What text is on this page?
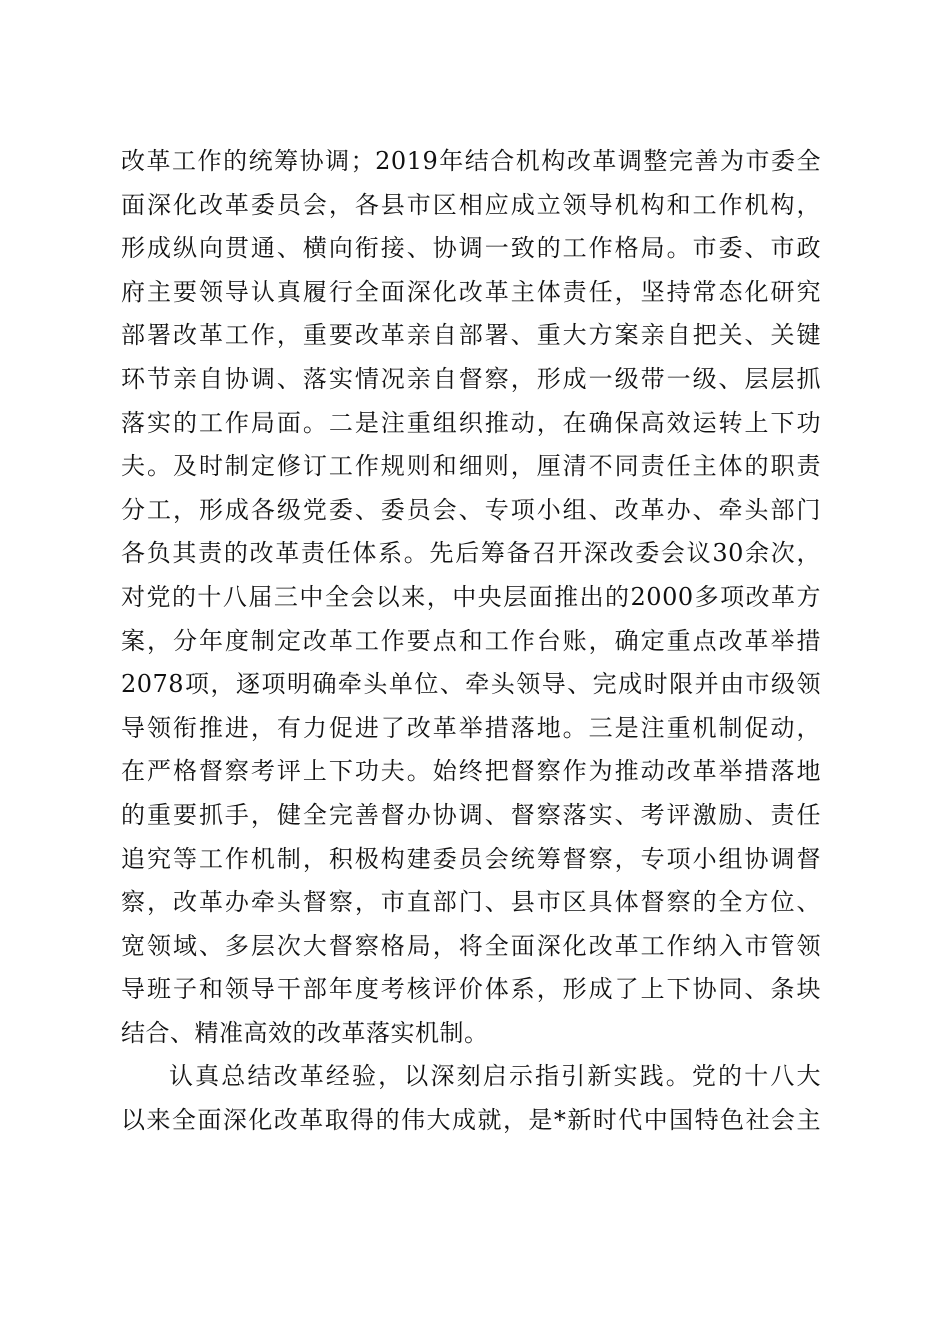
改革工作的统筹协调；2019年结合机构改革调整完善为市委全
面深化改革委员会，各县市区相应成立领导机构和工作机构，
形成纵向贯通、横向衔接、协调一致的工作格局。市委、市政
府主要领导认真履行全面深化改革主体责任，坚持常态化研究
部署改革工作，重要改革亲自部署、重大方案亲自把关、关键
环节亲自协调、落实情况亲自督察，形成一级带一级、层层抓
落实的工作局面。二是注重组织推动，在确保高效运转上下功
夫。及时制定修订工作规则和细则，厘清不同责任主体的职责
分工，形成各级党委、委员会、专项小组、改革办、牵头部门
各负其责的改革责任体系。先后筹备召开深改委会议30余次，
对党的十八届三中全会以来，中央层面推出的2000多项改革方
案，分年度制定改革工作要点和工作台账，确定重点改革举措
2078项，逐项明确牵头单位、牵头领导、完成时限并由市级领
导领衔推进，有力促进了改革举措落地。三是注重机制促动，
在严格督察考评上下功夫。始终把督察作为推动改革举措落地
的重要抓手，健全完善督办协调、督察落实、考评激励、责任
追究等工作机制，积极构建委员会统筹督察，专项小组协调督
察，改革办牵头督察，市直部门、县市区具体督察的全方位、
宽领域、多层次大督察格局，将全面深化改革工作纳入市管领
导班子和领导干部年度考核评价体系，形成了上下协同、条块
结合、精准高效的改革落实机制。
认真总结改革经验，以深刻启示指引新实践。党的十八大
以来全面深化改革取得的伟大成就，是*新时代中国特色社会主
